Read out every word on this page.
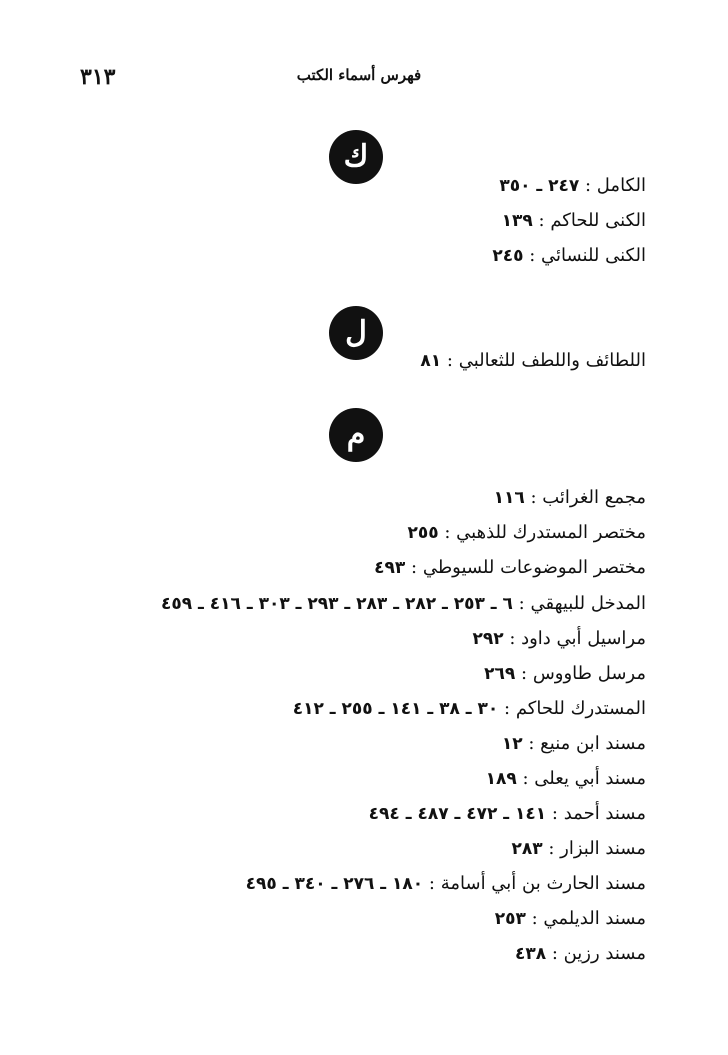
٣١٣	فهرس أسماء الكتب
ك
الكامل : ٢٤٧ ـ ٣٥٠
الكنى للحاكم : ١٣٩
الكنى للنسائي : ٢٤٥
ل
اللطائف واللطف للثعالبي : ٨١
م
مجمع الغرائب : ١١٦
مختصر المستدرك للذهبي : ٢٥٥
مختصر الموضوعات للسيوطي : ٤٩٣
المدخل للبيهقي : ٦ ـ ٢٥٣ ـ ٢٨٢ ـ ٢٨٣ ـ ٢٩٣ ـ ٣٠٣ ـ ٤١٦ ـ ٤٥٩
مراسيل أبي داود : ٢٩٢
مرسل طاووس : ٢٦٩
المستدرك للحاكم : ٣٠ ـ ٣٨ ـ ١٤١ ـ ٢٥٥ ـ ٤١٢
مسند ابن منيع : ١٢
مسند أبي يعلى : ١٨٩
مسند أحمد : ١٤١ ـ ٤٧٢ ـ ٤٨٧ ـ ٤٩٤
مسند البزار : ٢٨٣
مسند الحارث بن أبي أسامة : ١٨٠ ـ ٢٧٦ ـ ٣٤٠ ـ ٤٩٥
مسند الديلمي : ٢٥٣
مسند رزين : ٤٣٨
